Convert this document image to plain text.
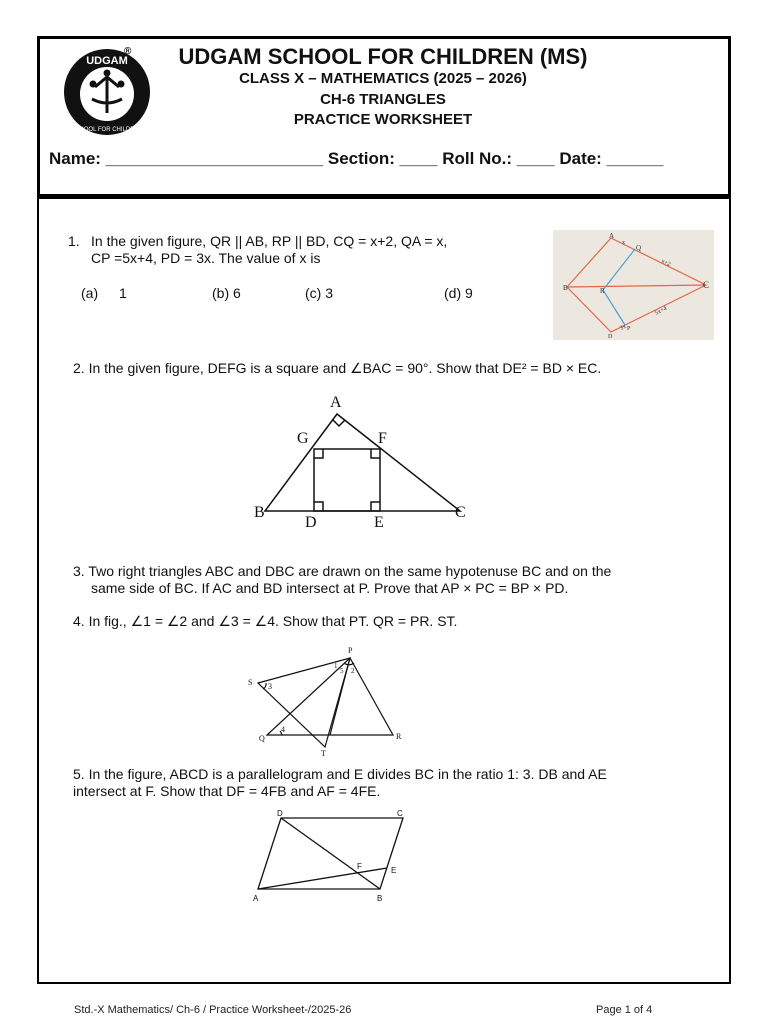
UDGAM
SCHOOL FOR CHILDREN
®	UDGAM SCHOOL FOR CHILDREN (MS)
CLASS X – MATHEMATICS (2025 – 2026)
CH-6 TRIANGLES
PRACTICE WORKSHEET
Name: _______________________ Section: ____ Roll No.: ____ Date: ______
1. In the given figure, QR || AB, RP || BD, CQ = x+2, QA = x,
CP =5x+4, PD = 3x. The value of x is
(a) 1	(b) 6	(c) 3	(d) 9
A
Q
B	R
C
D
P
x+2
x
5x+4
3x
2. In the given figure, DEFG is a square and ∠BAC = 90°. Show that DE² = BD × EC.
A
B	C
D	E
F
G
3. Two right triangles ABC and DBC are drawn on the same hypotenuse BC and on the
same side of BC. If AC and BD intersect at P. Prove that AP × PC = BP × PD.
4. In fig., ∠1 = ∠2 and ∠3 = ∠4. Show that PT. QR = PR. ST.
P
S
Q
T
R
1
2
3
4
5
5. In the figure, ABCD is a parallelogram and E divides BC in the ratio 1: 3. DB and AE
intersect at F. Show that DF = 4FB and AF = 4FE.
A	B
C
D
E
F
Std.-X Mathematics/ Ch-6 / Practice Worksheet-/2025-26	Page 1 of 4
